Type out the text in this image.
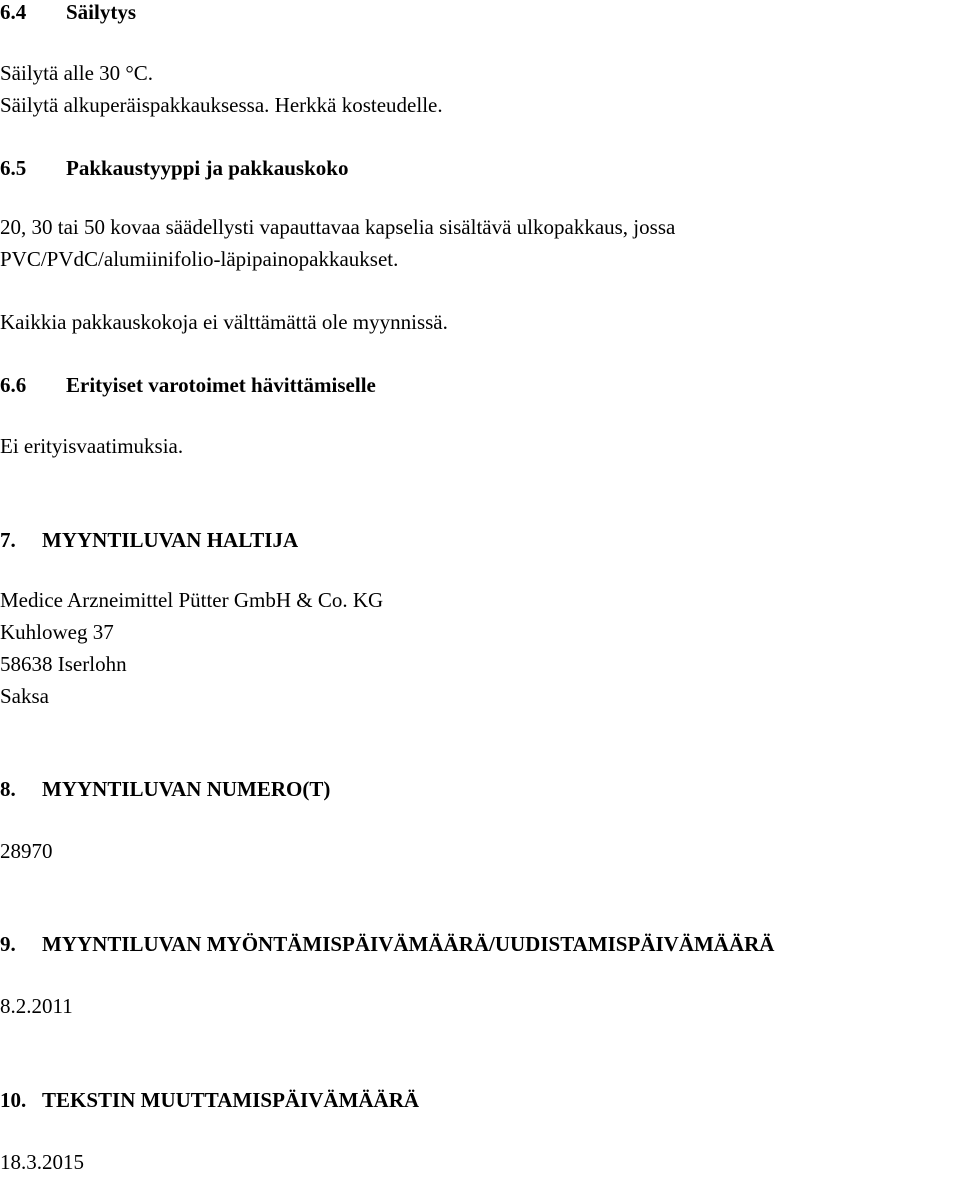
6.4 Säilytys
Säilytä alle 30 °C.
Säilytä alkuperäispakkauksessa. Herkkä kosteudelle.
6.5 Pakkaustyyppi ja pakkauskoko
20, 30 tai 50 kovaa säädellysti vapauttavaa kapselia sisältävä ulkopakkaus, jossa
PVC/PVdC/alumiinifolio-läpipainopakkaukset.
Kaikkia pakkauskokoja ei välttämättä ole myynnissä.
6.6 Erityiset varotoimet hävittämiselle
Ei erityisvaatimuksia.
7. MYYNTILUVAN HALTIJA
Medice Arzneimittel Pütter GmbH & Co. KG
Kuhloweg 37
58638 Iserlohn
Saksa
8. MYYNTILUVAN NUMERO(T)
28970
9. MYYNTILUVAN MYÖNTÄMISPÄIVÄMÄÄRÄ/UUDISTAMISPÄIVÄMÄÄRÄ
8.2.2011
10. TEKSTIN MUUTTAMISPÄIVÄMÄÄRÄ
18.3.2015
